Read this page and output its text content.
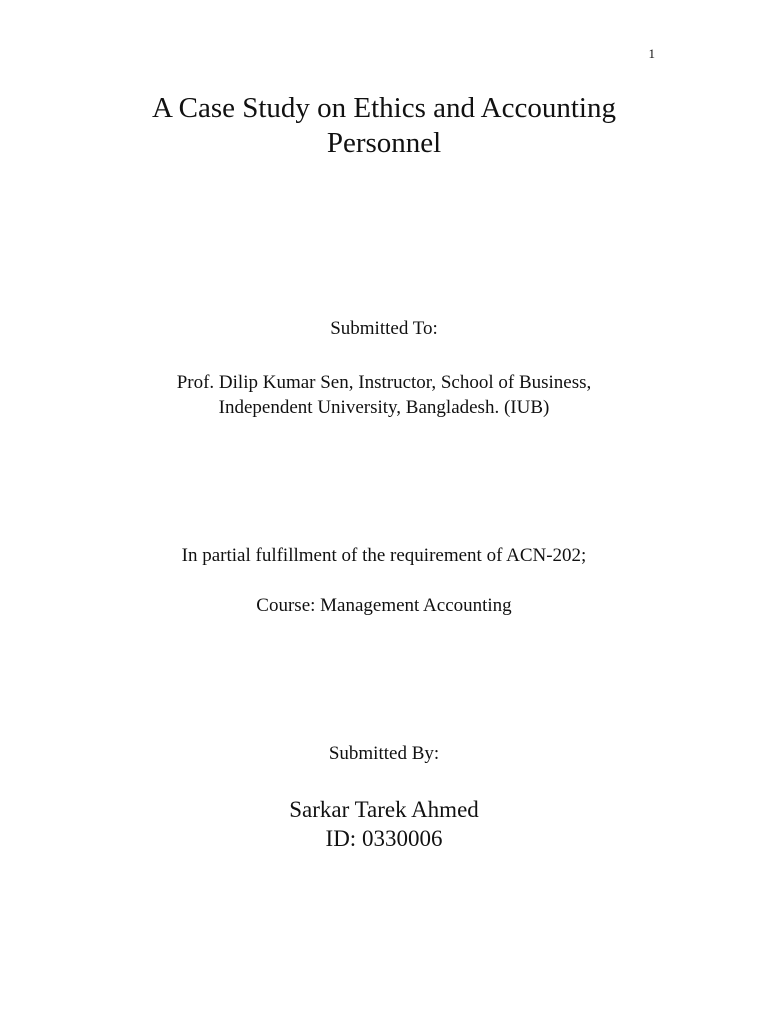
1
A Case Study on Ethics and Accounting
Personnel
Submitted To:
Prof. Dilip Kumar Sen, Instructor, School of Business,
Independent University, Bangladesh. (IUB)
In partial fulfillment of the requirement of ACN-202;
Course: Management Accounting
Submitted By:
Sarkar Tarek Ahmed
ID: 0330006
